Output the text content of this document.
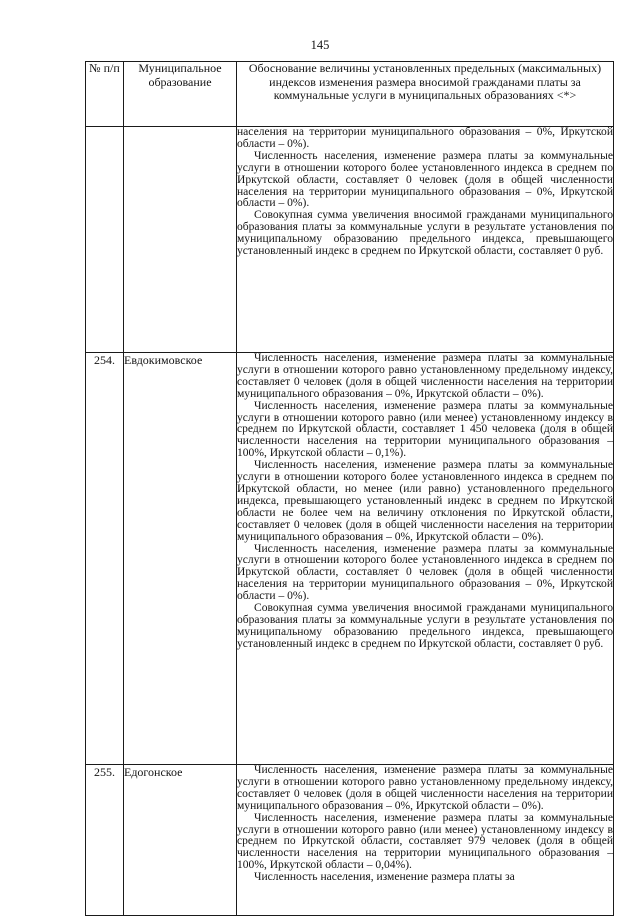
145
№ п/п	Муниципальное образование	Обоснование величины установленных предельных (максимальных) индексов изменения размера вносимой гражданами платы за коммунальные услуги в муниципальных образованиях <*>

		населения на территории муниципального образования – 0%, Иркутской области – 0%).

Численность населения, изменение размера платы за коммунальные услуги в отношении которого более установленного индекса в среднем по Иркутской области, составляет 0 человек (доля в общей численности населения на территории муниципального образования – 0%, Иркутской области – 0%).

Совокупная сумма увеличения вносимой гражданами муниципального образования платы за коммунальные услуги в результате установления по муниципальному образованию предельного индекса, превышающего установленный индекс в среднем по Иркутской области, составляет 0 руб.

254.	Евдокимовское	Численность населения, изменение размера платы за коммунальные услуги в отношении которого равно установленному предельному индексу, составляет 0 человек (доля в общей численности населения на территории муниципального образования – 0%, Иркутской области – 0%).

Численность населения, изменение размера платы за коммунальные услуги в отношении которого равно (или менее) установленному индексу в среднем по Иркутской области, составляет 1 450 человека (доля в общей численности населения на территории муниципального образования – 100%, Иркутской области – 0,1%).

Численность населения, изменение размера платы за коммунальные услуги в отношении которого более установленного индекса в среднем по Иркутской области, но менее (или равно) установленного предельного индекса, превышающего установленный индекс в среднем по Иркутской области не более чем на величину отклонения по Иркутской области, составляет 0 человек (доля в общей численности населения на территории муниципального образования – 0%, Иркутской области – 0%).

Численность населения, изменение размера платы за коммунальные услуги в отношении которого более установленного индекса в среднем по Иркутской области, составляет 0 человек (доля в общей численности населения на территории муниципального образования – 0%, Иркутской области – 0%).

Совокупная сумма увеличения вносимой гражданами муниципального образования платы за коммунальные услуги в результате установления по муниципальному образованию предельного индекса, превышающего установленный индекс в среднем по Иркутской области, составляет 0 руб.

255.	Едогонское	Численность населения, изменение размера платы за коммунальные услуги в отношении которого равно установленному предельному индексу, составляет 0 человек (доля в общей численности населения на территории муниципального образования – 0%, Иркутской области – 0%).

Численность населения, изменение размера платы за коммунальные услуги в отношении которого равно (или менее) установленному индексу в среднем по Иркутской области, составляет 979 человек (доля в общей численности населения на территории муниципального образования – 100%, Иркутской области – 0,04%).

Численность населения, изменение размера платы за
